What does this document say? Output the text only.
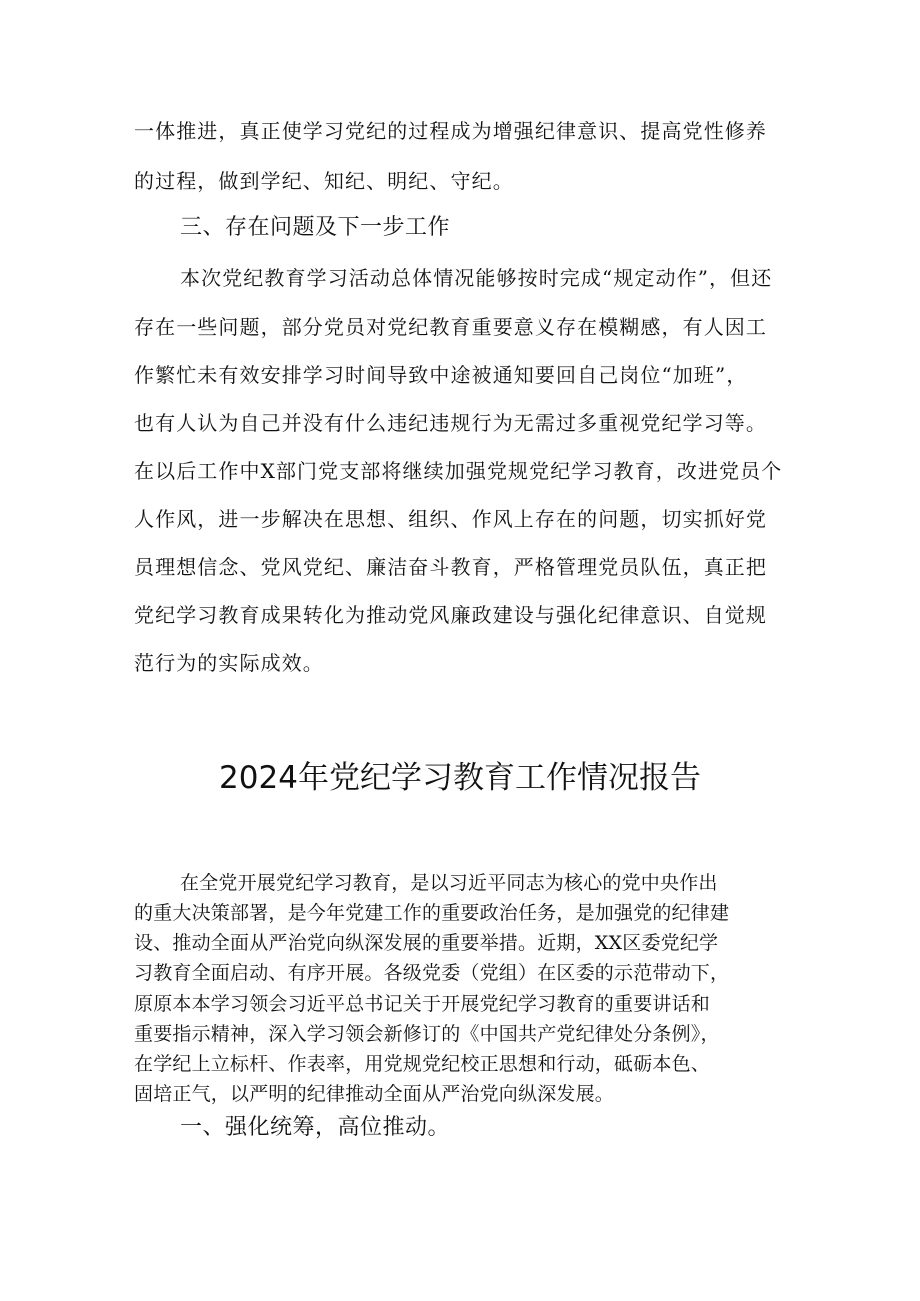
一体推进，真正使学习党纪的过程成为增强纪律意识、提高党性修养
的过程，做到学纪、知纪、明纪、守纪。
三、存在问题及下一步工作
本次党纪教育学习活动总体情况能够按时完成“规定动作”，但还
存在一些问题，部分党员对党纪教育重要意义存在模糊感，有人因工
作繁忙未有效安排学习时间导致中途被通知要回自己岗位“加班”，
也有人认为自己并没有什么违纪违规行为无需过多重视党纪学习等。
在以后工作中X部门党支部将继续加强党规党纪学习教育，改进党员个
人作风，进一步解决在思想、组织、作风上存在的问题，切实抓好党
员理想信念、党风党纪、廉洁奋斗教育，严格管理党员队伍，真正把
党纪学习教育成果转化为推动党风廉政建设与强化纪律意识、自觉规
范行为的实际成效。
2024年党纪学习教育工作情况报告
在全党开展党纪学习教育，是以习近平同志为核心的党中央作出
的重大决策部署，是今年党建工作的重要政治任务，是加强党的纪律建
设、推动全面从严治党向纵深发展的重要举措。近期，XX区委党纪学
习教育全面启动、有序开展。各级党委（党组）在区委的示范带动下，
原原本本学习领会习近平总书记关于开展党纪学习教育的重要讲话和
重要指示精神，深入学习领会新修订的《中国共产党纪律处分条例》，
在学纪上立标杆、作表率，用党规党纪校正思想和行动，砥砺本色、
固培正气，以严明的纪律推动全面从严治党向纵深发展。
一、强化统筹，高位推动。
